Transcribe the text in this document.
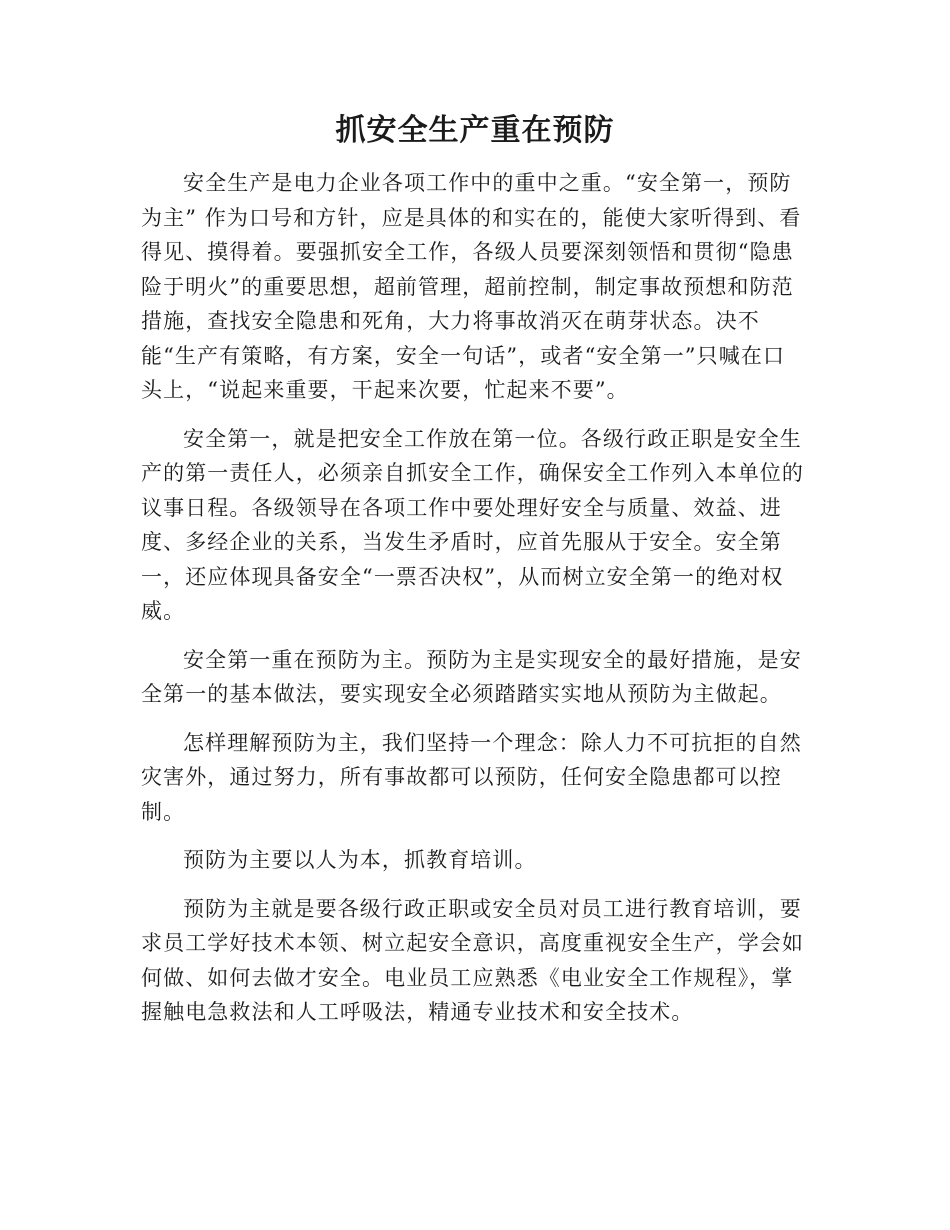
抓安全生产重在预防

安全生产是电力企业各项工作中的重中之重。“安全第一，预防为主” 作为口号和方针，应是具体的和实在的，能使大家听得到、看得见、摸得着。要强抓安全工作，各级人员要深刻领悟和贯彻“隐患险于明火”的重要思想，超前管理，超前控制，制定事故预想和防范措施，查找安全隐患和死角，大力将事故消灭在萌芽状态。决不能“生产有策略，有方案，安全一句话”，或者“安全第一”只喊在口头上，“说起来重要，干起来次要，忙起来不要”。

安全第一，就是把安全工作放在第一位。各级行政正职是安全生产的第一责任人，必须亲自抓安全工作，确保安全工作列入本单位的议事日程。各级领导在各项工作中要处理好安全与质量、效益、进度、多经企业的关系，当发生矛盾时，应首先服从于安全。安全第一，还应体现具备安全“一票否决权”，从而树立安全第一的绝对权威。

安全第一重在预防为主。预防为主是实现安全的最好措施，是安全第一的基本做法，要实现安全必须踏踏实实地从预防为主做起。

怎样理解预防为主，我们坚持一个理念：除人力不可抗拒的自然灾害外，通过努力，所有事故都可以预防，任何安全隐患都可以控制。

预防为主要以人为本，抓教育培训。

预防为主就是要各级行政正职或安全员对员工进行教育培训，要求员工学好技术本领、树立起安全意识，高度重视安全生产，学会如何做、如何去做才安全。电业员工应熟悉《电业安全工作规程》，掌握触电急救法和人工呼吸法，精通专业技术和安全技术。
